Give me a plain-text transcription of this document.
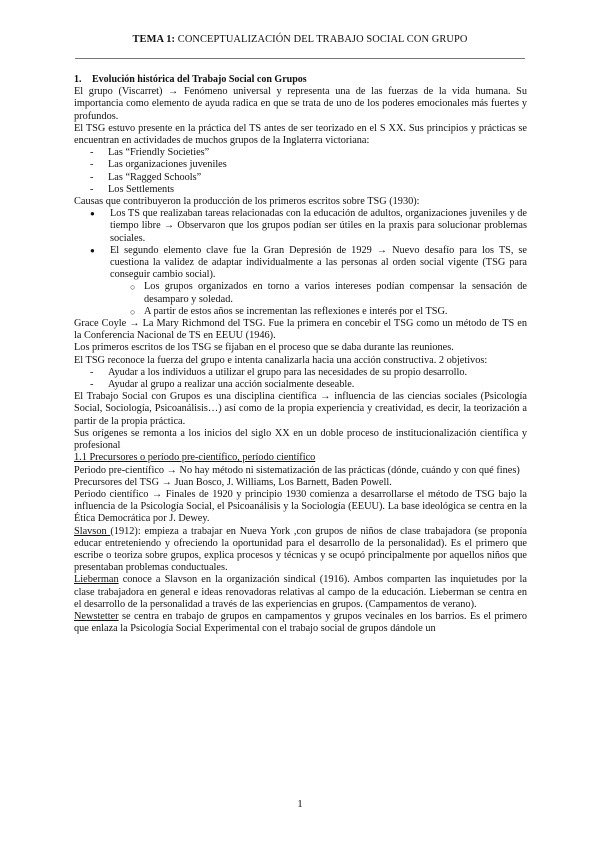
TEMA 1: CONCEPTUALIZACIÓN DEL TRABAJO SOCIAL CON GRUPO

1. Evolución histórica del Trabajo Social con Grupos

El grupo (Viscarret) → Fenómeno universal y representa una de las fuerzas de la vida humana. Su importancia como elemento de ayuda radica en que se trata de uno de los poderes emocionales más fuertes y profundos.

El TSG estuvo presente en la práctica del TS antes de ser teorizado en el S XX. Sus principios y prácticas se encuentran en actividades de muchos grupos de la Inglaterra victoriana:

- Las “Friendly Societies”
- Las organizaciones juveniles
- Las “Ragged Schools”
- Los Settlements

Causas que contribuyeron la producción de los primeros escritos sobre TSG (1930):

● Los TS que realizaban tareas relacionadas con la educación de adultos, organizaciones juveniles y de tiempo libre → Observaron que los grupos podían ser útiles en la praxis para solucionar problemas sociales.
● El segundo elemento clave fue la Gran Depresión de 1929 → Nuevo desafío para los TS, se cuestiona la validez de adaptar individualmente a las personas al orden social vigente (TSG para conseguir cambio social).
○ Los grupos organizados en torno a varios intereses podían compensar la sensación de desamparo y soledad.
○ A partir de estos años se incrementan las reflexiones e interés por el TSG.

Grace Coyle → La Mary Richmond del TSG. Fue la primera en concebir el TSG como un método de TS en la Conferencia Nacional de TS en EEUU (1946).

Los primeros escritos de los TSG se fijaban en el proceso que se daba durante las reuniones.

El TSG reconoce la fuerza del grupo e intenta canalizarla hacia una acción constructiva. 2 objetivos:

- Ayudar a los individuos a utilizar el grupo para las necesidades de su propio desarrollo.
- Ayudar al grupo a realizar una acción socialmente deseable.

El Trabajo Social con Grupos es una disciplina científica → influencia de las ciencias sociales (Psicología Social, Sociología, Psicoanálisis…) así como de la propia experiencia y creatividad, es decir, la teorización a partir de la propia práctica.

Sus orígenes se remonta a los inicios del siglo XX en un doble proceso de institucionalización científica y profesional

1.1 Precursores o período pre-científico, período científico

Periodo pre-científico → No hay método ni sistematización de las prácticas (dónde, cuándo y con qué fines)

Precursores del TSG → Juan Bosco, J. Williams, Los Barnett, Baden Powell.

Periodo científico → Finales de 1920 y principio 1930 comienza a desarrollarse el método de TSG bajo la influencia de la Psicología Social, el Psicoanálisis y la Sociología (EEUU). La base ideológica se centra en la Ética Democrática por J. Dewey.

Slavson (1912): empieza a trabajar en Nueva York ,con grupos de niños de clase trabajadora (se proponía educar entreteniendo y ofreciendo la oportunidad para el desarrollo de la personalidad). Es el primero que escribe o teoriza sobre grupos, explica procesos y técnicas y se ocupó principalmente por aquellos niños que presentaban problemas conductuales.

Lieberman conoce a Slavson en la organización sindical (1916). Ambos comparten las inquietudes por la clase trabajadora en general e ideas renovadoras relativas al campo de la educación. Lieberman se centra en el desarrollo de la personalidad a través de las experiencias en grupos. (Campamentos de verano).

Newstetter se centra en trabajo de grupos en campamentos y grupos vecinales en los barrios. Es el primero que enlaza la Psicología Social Experimental con el trabajo social de grupos dándole un

1
